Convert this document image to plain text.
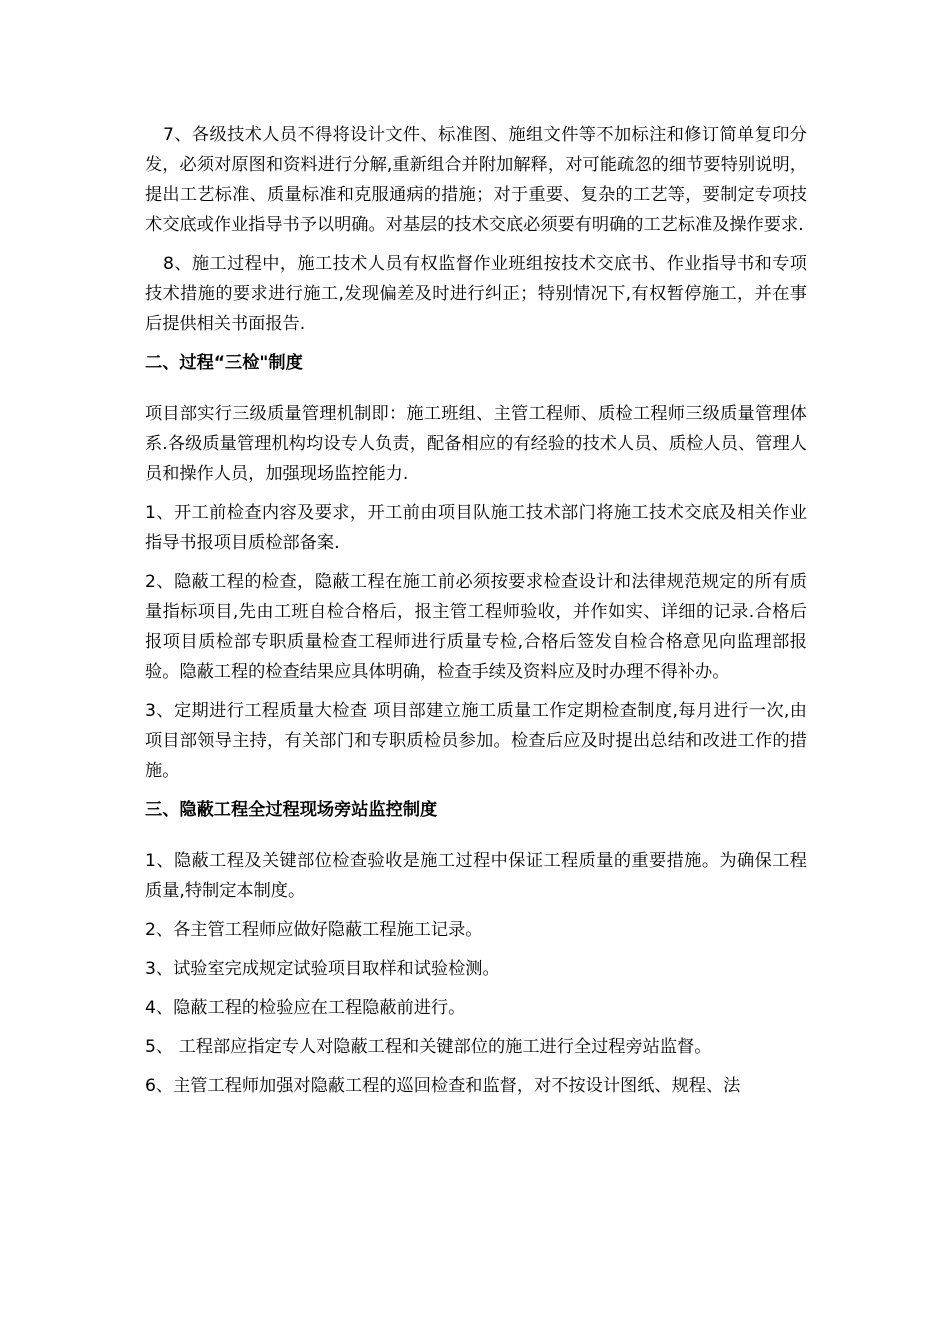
7、各级技术人员不得将设计文件、标准图、施组文件等不加标注和修订简单复印分发，必须对原图和资料进行分解,重新组合并附加解释，对可能疏忽的细节要特别说明，提出工艺标准、质量标准和克服通病的措施；对于重要、复杂的工艺等，要制定专项技术交底或作业指导书予以明确。对基层的技术交底必须要有明确的工艺标准及操作要求.

8、施工过程中，施工技术人员有权监督作业班组按技术交底书、作业指导书和专项技术措施的要求进行施工,发现偏差及时进行纠正；特别情况下,有权暂停施工，并在事后提供相关书面报告.

二、过程“三检"制度

项目部实行三级质量管理机制即：施工班组、主管工程师、质检工程师三级质量管理体系.各级质量管理机构均设专人负责，配备相应的有经验的技术人员、质检人员、管理人员和操作人员，加强现场监控能力.

1、开工前检查内容及要求，开工前由项目队施工技术部门将施工技术交底及相关作业指导书报项目质检部备案.

2、隐蔽工程的检查，隐蔽工程在施工前必须按要求检查设计和法律规范规定的所有质量指标项目,先由工班自检合格后，报主管工程师验收，并作如实、详细的记录.合格后报项目质检部专职质量检查工程师进行质量专检,合格后签发自检合格意见向监理部报验。隐蔽工程的检查结果应具体明确，检查手续及资料应及时办理不得补办。

3、定期进行工程质量大检查 项目部建立施工质量工作定期检查制度,每月进行一次,由项目部领导主持，有关部门和专职质检员参加。检查后应及时提出总结和改进工作的措施。

三、隐蔽工程全过程现场旁站监控制度

1、隐蔽工程及关键部位检查验收是施工过程中保证工程质量的重要措施。为确保工程质量,特制定本制度。

2、各主管工程师应做好隐蔽工程施工记录。

3、试验室完成规定试验项目取样和试验检测。

4、隐蔽工程的检验应在工程隐蔽前进行。

5、 工程部应指定专人对隐蔽工程和关键部位的施工进行全过程旁站监督。

6、主管工程师加强对隐蔽工程的巡回检查和监督，对不按设计图纸、规程、法
